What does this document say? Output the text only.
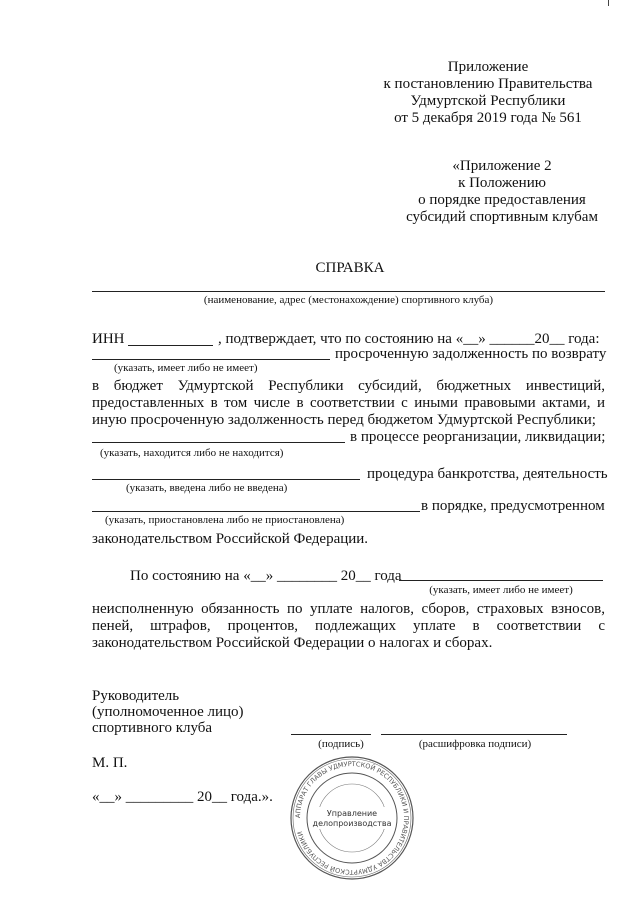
Приложение
к постановлению Правительства
Удмуртской Республики
от 5 декабря 2019 года № 561
«Приложение 2
к Положению
о порядке предоставления
субсидий спортивным клубам
СПРАВКА
(наименование, адрес (местонахождение) спортивного клуба)
ИНН	, подтверждает, что по состоянию на «__» ______20__ года:
просроченную задолженность по возврату
(указать, имеет либо не имеет)
в бюджет Удмуртской Республики субсидий, бюджетных инвестиций,
предоставленных в том числе в соответствии с иными правовыми актами, и
иную просроченную задолженность перед бюджетом Удмуртской Республики;
в процессе реорганизации, ликвидации;
(указать, находится либо не находится)
процедура банкротства, деятельность
(указать, введена либо не введена)
в порядке, предусмотренном
(указать, приостановлена либо не приостановлена)
законодательством Российской Федерации.
По состоянию на «__» ________ 20__ года
(указать, имеет либо не имеет)
неисполненную обязанность по уплате налогов, сборов, страховых взносов,
пеней, штрафов, процентов, подлежащих уплате в соответствии с
законодательством Российской Федерации о налогах и сборах.
Руководитель
(уполномоченное лицо)
спортивного клуба
(подпись)	(расшифровка подписи)
М. П.
«__» _________ 20__ года.».
АППАРАТ ГЛАВЫ УДМУРТСКОЙ РЕСПУБЛИКИ И ПРАВИТЕЛЬСТВА УДМУРТСКОЙ РЕСПУБЛИКИ
Управление
делопроизводства
